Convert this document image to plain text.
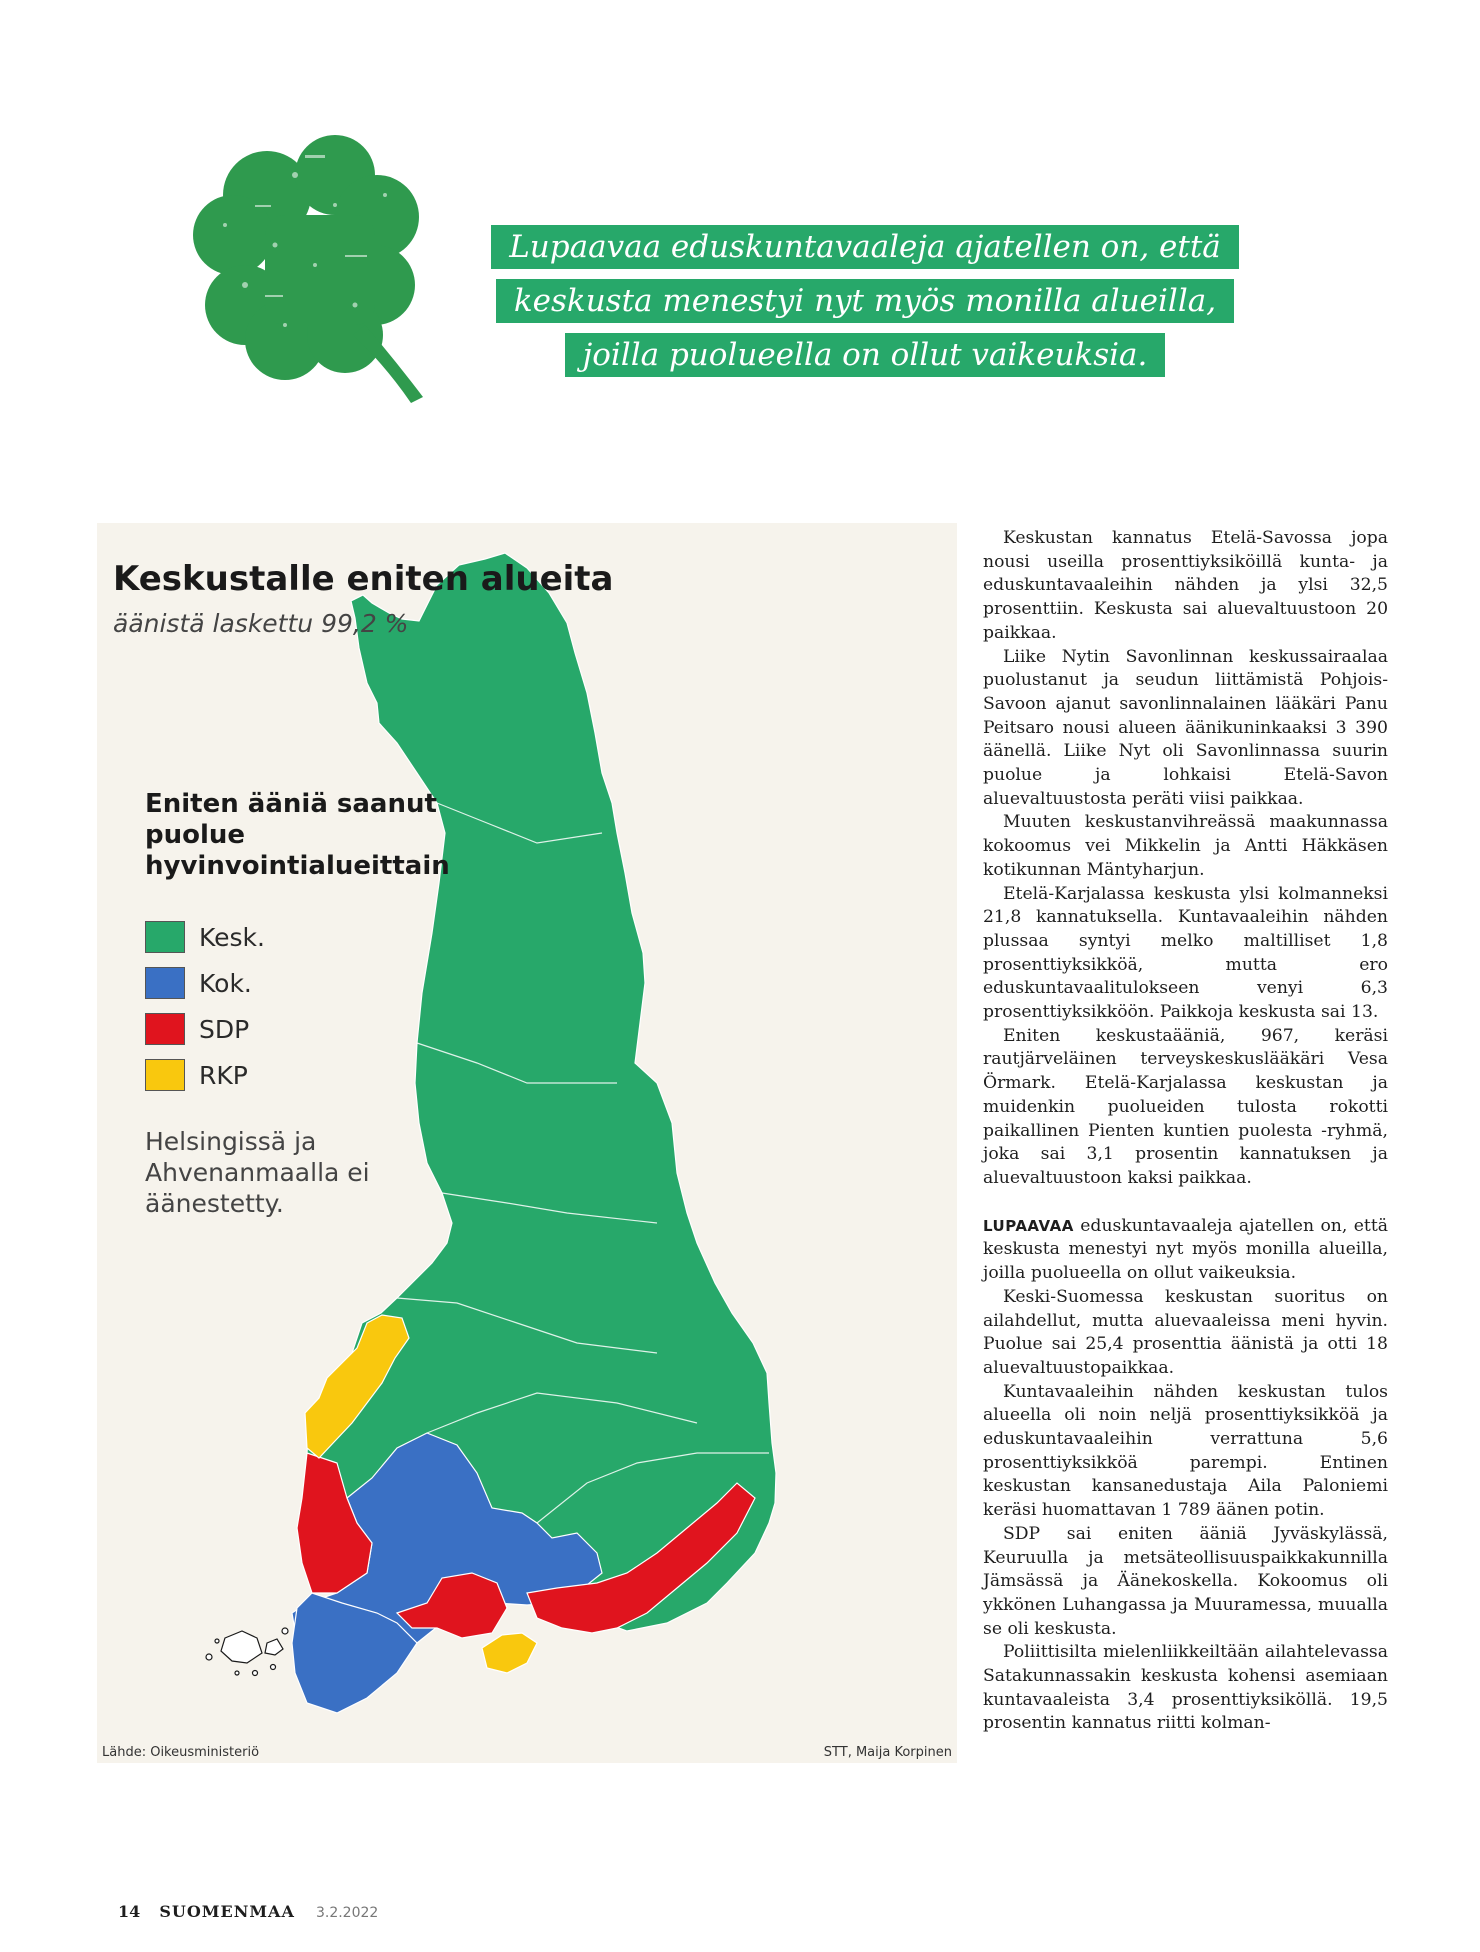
Lupaavaa eduskuntavaaleja ajatellen on, että
keskusta menestyi nyt myös monilla alueilla,
joilla puolueella on ollut vaikeuksia.
Keskustalle eniten alueita
äänistä laskettu 99,2 %
Eniten ääniä saanut puolue hyvinvointialueittain
Kesk.
Kok.
SDP
RKP
Helsingissä ja Ahvenanmaalla ei äänestetty.
Lähde: Oikeusministeriö	STT, Maija Korpinen

Keskustan kannatus Etelä-Savossa jopa nousi useilla prosenttiyksiköillä kunta- ja eduskuntavaaleihin nähden ja ylsi 32,5 prosenttiin. Keskusta sai aluevaltuustoon 20 paikkaa.

Liike Nytin Savonlinnan keskussairaalaa puolustanut ja seudun liittämistä Pohjois-Savoon ajanut savonlinnalainen lääkäri Panu Peitsaro nousi alueen äänikuninkaaksi 3 390 äänellä. Liike Nyt oli Savonlinnassa suurin puolue ja lohkaisi Etelä-Savon aluevaltuustosta peräti viisi paikkaa.

Muuten keskustanvihreässä maakunnassa kokoomus vei Mikkelin ja Antti Häkkäsen kotikunnan Mäntyharjun.

Etelä-Karjalassa keskusta ylsi kolmanneksi 21,8 kannatuksella. Kuntavaaleihin nähden plussaa syntyi melko maltilliset 1,8 prosenttiyksikköä, mutta ero eduskuntavaalitulokseen venyi 6,3 prosenttiyksikköön. Paikkoja keskusta sai 13.

Eniten keskustaääniä, 967, keräsi rautjärveläinen terveyskeskuslääkäri Vesa Örmark. Etelä-Karjalassa keskustan ja muidenkin puolueiden tulosta rokotti paikallinen Pienten kuntien puolesta -ryhmä, joka sai 3,1 prosentin kannatuksen ja aluevaltuustoon kaksi paikkaa.

LUPAAVAA eduskuntavaaleja ajatellen on, että keskusta menestyi nyt myös monilla alueilla, joilla puolueella on ollut vaikeuksia.

Keski-Suomessa keskustan suoritus on ailahdellut, mutta aluevaaleissa meni hyvin. Puolue sai 25,4 prosenttia äänistä ja otti 18 aluevaltuustopaikkaa.

Kuntavaaleihin nähden keskustan tulos alueella oli noin neljä prosenttiyksikköä ja eduskuntavaaleihin verrattuna 5,6 prosenttiyksikköä parempi. Entinen keskustan kansanedustaja Aila Paloniemi keräsi huomattavan 1 789 äänen potin.

SDP sai eniten ääniä Jyväskylässä, Keuruulla ja metsäteollisuuspaikkakunnilla Jämsässä ja Äänekoskella. Kokoomus oli ykkönen Luhangassa ja Muuramessa, muualla se oli keskusta.

Poliittisilta mielenliikkeiltään ailahtelevassa Satakunnassakin keskusta kohensi asemiaan kuntavaaleista 3,4 prosenttiyksiköllä. 19,5 prosentin kannatus riitti kolman-

14 SUOMENMAA 3.2.2022
